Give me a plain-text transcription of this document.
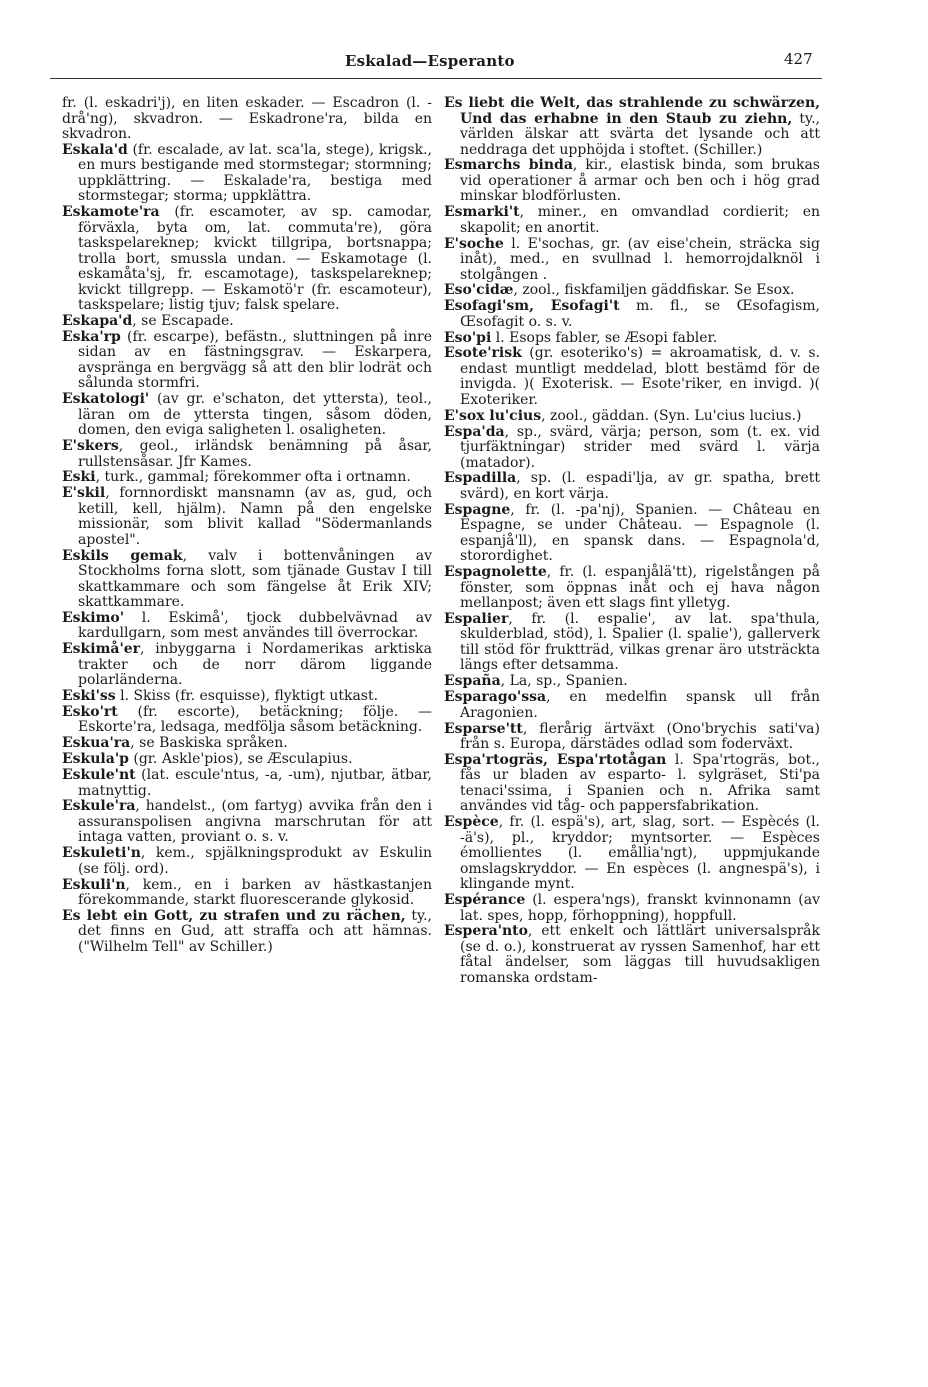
Eskalad—Esperanto	427

fr. (l. eskadri'j), en liten eskader. — Escadron (l. -drå'ng), skvadron. — Eskadrone'ra, bilda en skvadron.

Eskala'd (fr. escalade, av lat. sca'la, stege), krigsk., en murs bestigande med stormstegar; stormning; uppklättring. — Eskalade'ra, bestiga med stormstegar; storma; uppklättra.

Eskamote'ra (fr. escamoter, av sp. camodar, förväxla, byta om, lat. commuta're), göra taskspelareknep; kvickt tillgripa, bortsnappa; trolla bort, smussla undan. — Eskamotage (l. eskamåta'sj, fr. escamotage), taskspelareknep; kvickt tillgrepp. — Eskamotö'r (fr. escamoteur), taskspelare; listig tjuv; falsk spelare.

Eskapa'd, se Escapade.

Eska'rp (fr. escarpe), befästn., sluttningen på inre sidan av en fästningsgrav. — Eskarpera, avspränga en bergvägg så att den blir lodrät och sålunda stormfri.

Eskatologi' (av gr. e'schaton, det yttersta), teol., läran om de yttersta tingen, såsom döden, domen, den eviga saligheten l. osaligheten.

E'skers, geol., irländsk benämning på åsar, rullstensåsar. Jfr Kames.

Eski, turk., gammal; förekommer ofta i ortnamn.

E'skil, fornnordiskt mansnamn (av as, gud, och ketill, kell, hjälm). Namn på den engelske missionär, som blivit kallad "Södermanlands apostel".

Eskils gemak, valv i bottenvåningen av Stockholms forna slott, som tjänade Gustav I till skattkammare och som fängelse åt Erik XIV; skattkammare.

Eskimo' l. Eskimå', tjock dubbelvävnad av kardullgarn, som mest användes till överrockar.

Eskimå'er, inbyggarna i Nordamerikas arktiska trakter och de norr därom liggande polarländerna.

Eski'ss l. Skiss (fr. esquisse), flyktigt utkast.

Esko'rt (fr. escorte), betäckning; följe. — Eskorte'ra, ledsaga, medfölja såsom betäckning.

Eskua'ra, se Baskiska språken.

Eskula'p (gr. Askle'pios), se Æsculapius.

Eskule'nt (lat. escule'ntus, -a, -um), njutbar, ätbar, matnyttig.

Eskule'ra, handelst., (om fartyg) avvika från den i assuranspolisen angivna marschrutan för att intaga vatten, proviant o. s. v.

Eskuleti'n, kem., spjälkningsprodukt av Eskulin (se följ. ord).

Eskuli'n, kem., en i barken av hästkastanjen förekommande, starkt fluorescerande glykosid.

Es lebt ein Gott, zu strafen und zu rächen, ty., det finns en Gud, att straffa och att hämnas. ("Wilhelm Tell" av Schiller.)

Es liebt die Welt, das strahlende zu schwärzen, Und das erhabne in den Staub zu ziehn, ty., världen älskar att svärta det lysande och att neddraga det upphöjda i stoftet. (Schiller.)

Esmarchs binda, kir., elastisk binda, som brukas vid operationer å armar och ben och i hög grad minskar blodförlusten.

Esmarki't, miner., en omvandlad cordierit; en skapolit; en anortit.

E'soche l. E'sochas, gr. (av eise'chein, sträcka sig inåt), med., en svullnad l. hemorrojdalknöl i stolgången .

Eso'cidæ, zool., fiskfamiljen gäddfiskar. Se Esox.

Esofagi'sm, Esofagi't m. fl., se Œsofagism, Œsofagit o. s. v.

Eso'pi l. Esops fabler, se Æsopi fabler.

Esote'risk (gr. esoteriko's) = akroamatisk, d. v. s. endast muntligt meddelad, blott bestämd för de invigda. )( Exoterisk. — Esote'riker, en invigd. )( Exoteriker.

E'sox lu'cius, zool., gäddan. (Syn. Lu'cius lucius.)

Espa'da, sp., svärd, värja; person, som (t. ex. vid tjurfäktningar) strider med svärd l. värja (matador).

Espadilla, sp. (l. espadi'lja, av gr. spatha, brett svärd), en kort värja.

Espagne, fr. (l. -pa'nj), Spanien. — Château en Espagne, se under Château. — Espagnole (l. espanjå'll), en spansk dans. — Espagnola'd, storordighet.

Espagnolette, fr. (l. espanjålä'tt), rigelstången på fönster, som öppnas inåt och ej hava någon mellanpost; även ett slags fint ylletyg.

Espalier, fr. (l. espalie', av lat. spa'thula, skulderblad, stöd), l. Spalier (l. spalie'), gallerverk till stöd för fruktträd, vilkas grenar äro utsträckta längs efter detsamma.

España, La, sp., Spanien.

Esparago'ssa, en medelfin spansk ull från Aragonien.

Esparse'tt, flerårig ärtväxt (Ono'brychis sati'va) från s. Europa, därstädes odlad som foderväxt.

Espa'rtogräs, Espa'rtotågan l. Spa'rtogräs, bot., fås ur bladen av esparto- l. sylgräset, Sti'pa tenaci'ssima, i Spanien och n. Afrika samt användes vid tåg- och pappersfabrikation.

Espèce, fr. (l. espä's), art, slag, sort. — Espècés (l. -ä's), pl., kryddor; myntsorter. — Espèces émollientes (l. emållia'ngt), uppmjukande omslagskryddor. — En espèces (l. angnespä's), i klingande mynt.

Espérance (l. espera'ngs), franskt kvinnonamn (av lat. spes, hopp, förhoppning), hoppfull.

Espera'nto, ett enkelt och lättlärt universalspråk (se d. o.), konstruerat av ryssen Samenhof, har ett fåtal ändelser, som läggas till huvudsakligen romanska ordstam-
